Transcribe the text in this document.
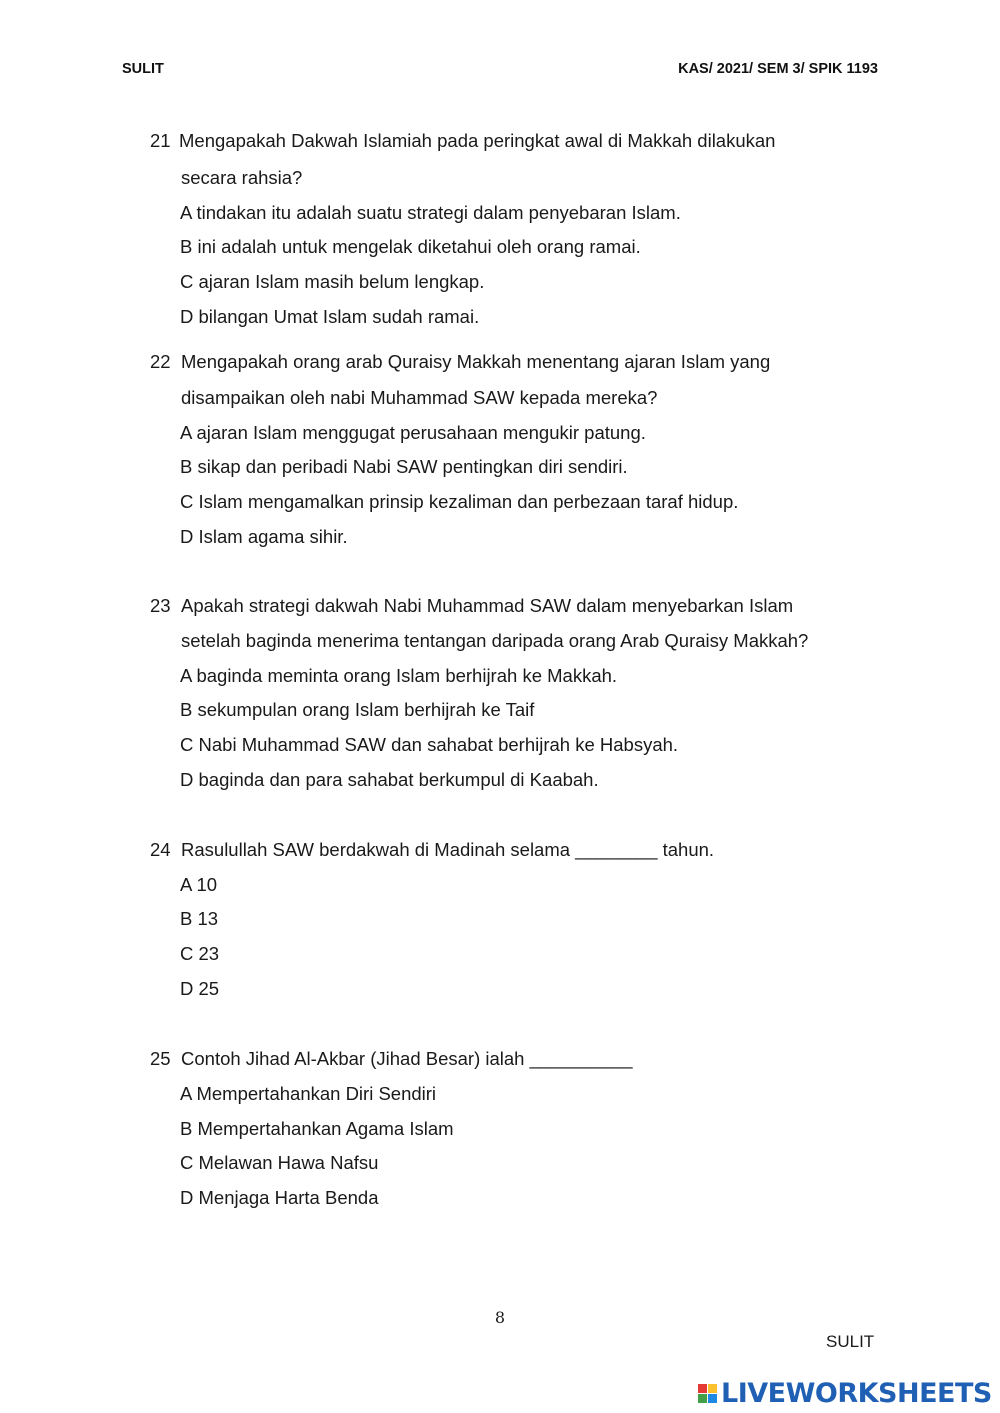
SULIT	KAS/ 2021/ SEM 3/ SPIK 1193
21 Mengapakah Dakwah Islamiah pada peringkat awal di Makkah dilakukan
secara rahsia?
A tindakan itu adalah suatu strategi dalam penyebaran Islam.
B ini adalah untuk mengelak diketahui oleh orang ramai.
C ajaran Islam masih belum lengkap.
D bilangan Umat Islam sudah ramai.
22 Mengapakah orang arab Quraisy Makkah menentang ajaran Islam yang
disampaikan oleh nabi Muhammad SAW kepada mereka?
A ajaran Islam menggugat perusahaan mengukir patung.
B sikap dan peribadi Nabi SAW pentingkan diri sendiri.
C Islam mengamalkan prinsip kezaliman dan perbezaan taraf hidup.
D Islam agama sihir.
23 Apakah strategi dakwah Nabi Muhammad SAW dalam menyebarkan Islam
setelah baginda menerima tentangan daripada orang Arab Quraisy Makkah?
A baginda meminta orang Islam berhijrah ke Makkah.
B sekumpulan orang Islam berhijrah ke Taif
C Nabi Muhammad SAW dan sahabat berhijrah ke Habsyah.
D baginda dan para sahabat berkumpul di Kaabah.
24 Rasulullah SAW berdakwah di Madinah selama ________ tahun.
A 10
B 13
C 23
D 25
25 Contoh Jihad Al-Akbar (Jihad Besar) ialah __________
A Mempertahankan Diri Sendiri
B Mempertahankan Agama Islam
C Melawan Hawa Nafsu
D Menjaga Harta Benda
8
SULIT
LIVEWORKSHEETS
